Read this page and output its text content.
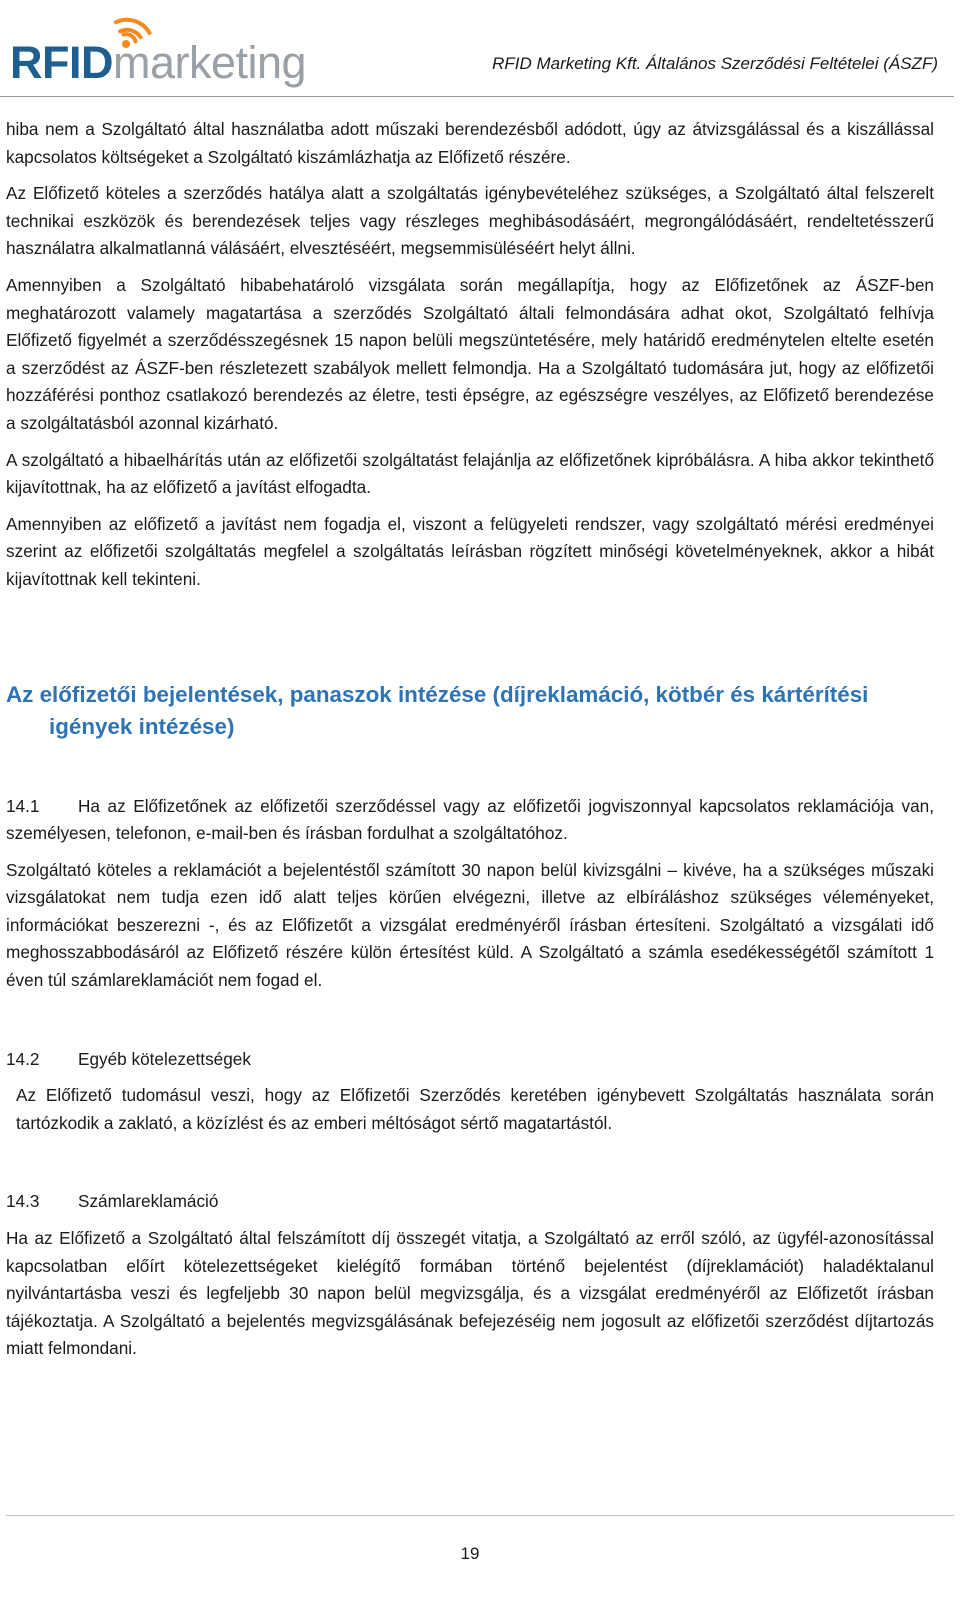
RFIDmarketing	RFID Marketing Kft. Általános Szerződési Feltételei (ÁSZF)

hiba nem a Szolgáltató által használatba adott műszaki berendezésből adódott, úgy az átvizsgálással és a kiszállással kapcsolatos költségeket a Szolgáltató kiszámlázhatja az Előfizető részére.

Az Előfizető köteles a szerződés hatálya alatt a szolgáltatás igénybevételéhez szükséges, a Szolgáltató által felszerelt technikai eszközök és berendezések teljes vagy részleges meghibásodásáért, megrongálódásáért, rendeltetésszerű használatra alkalmatlanná válásáért, elvesztéséért, megsemmisüléséért helyt állni.

Amennyiben a Szolgáltató hibabehatároló vizsgálata során megállapítja, hogy az Előfizetőnek az ÁSZF-ben meghatározott valamely magatartása a szerződés Szolgáltató általi felmondására adhat okot, Szolgáltató felhívja Előfizető figyelmét a szerződésszegésnek 15 napon belüli megszüntetésére, mely határidő eredménytelen eltelte esetén a szerződést az ÁSZF-ben részletezett szabályok mellett felmondja. Ha a Szolgáltató tudomására jut, hogy az előfizetői hozzáférési ponthoz csatlakozó berendezés az életre, testi épségre, az egészségre veszélyes, az Előfizető berendezése a szolgáltatásból azonnal kizárható.

A szolgáltató a hibaelhárítás után az előfizetői szolgáltatást felajánlja az előfizetőnek kipróbálásra. A hiba akkor tekinthető kijavítottnak, ha az előfizető a javítást elfogadta.

Amennyiben az előfizető a javítást nem fogadja el, viszont a felügyeleti rendszer, vagy szolgáltató mérési eredményei szerint az előfizetői szolgáltatás megfelel a szolgáltatás leírásban rögzített minőségi követelményeknek, akkor a hibát kijavítottnak kell tekinteni.

Az előfizetői bejelentések, panaszok intézése (díjreklamáció, kötbér és kártérítési
igények intézése)

14.1 Ha az Előfizetőnek az előfizetői szerződéssel vagy az előfizetői jogviszonnyal kapcsolatos reklamációja van, személyesen, telefonon, e-mail-ben és írásban fordulhat a szolgáltatóhoz.

Szolgáltató köteles a reklamációt a bejelentéstől számított 30 napon belül kivizsgálni – kivéve, ha a szükséges műszaki vizsgálatokat nem tudja ezen idő alatt teljes körűen elvégezni, illetve az elbíráláshoz szükséges véleményeket, információkat beszerezni -, és az Előfizetőt a vizsgálat eredményéről írásban értesíteni. Szolgáltató a vizsgálati idő meghosszabbodásáról az Előfizető részére külön értesítést küld. A Szolgáltató a számla esedékességétől számított 1 éven túl számlareklamációt nem fogad el.

14.2 Egyéb kötelezettségek

Az Előfizető tudomásul veszi, hogy az Előfizetői Szerződés keretében igénybevett Szolgáltatás használata során tartózkodik a zaklató, a közízlést és az emberi méltóságot sértő magatartástól.

14.3 Számlareklamáció

Ha az Előfizető a Szolgáltató által felszámított díj összegét vitatja, a Szolgáltató az erről szóló, az ügyfél-azonosítással kapcsolatban előírt kötelezettségeket kielégítő formában történő bejelentést (díjreklamációt) haladéktalanul nyilvántartásba veszi és legfeljebb 30 napon belül megvizsgálja, és a vizsgálat eredményéről az Előfizetőt írásban tájékoztatja. A Szolgáltató a bejelentés megvizsgálásának befejezéséig nem jogosult az előfizetői szerződést díjtartozás miatt felmondani.

19
